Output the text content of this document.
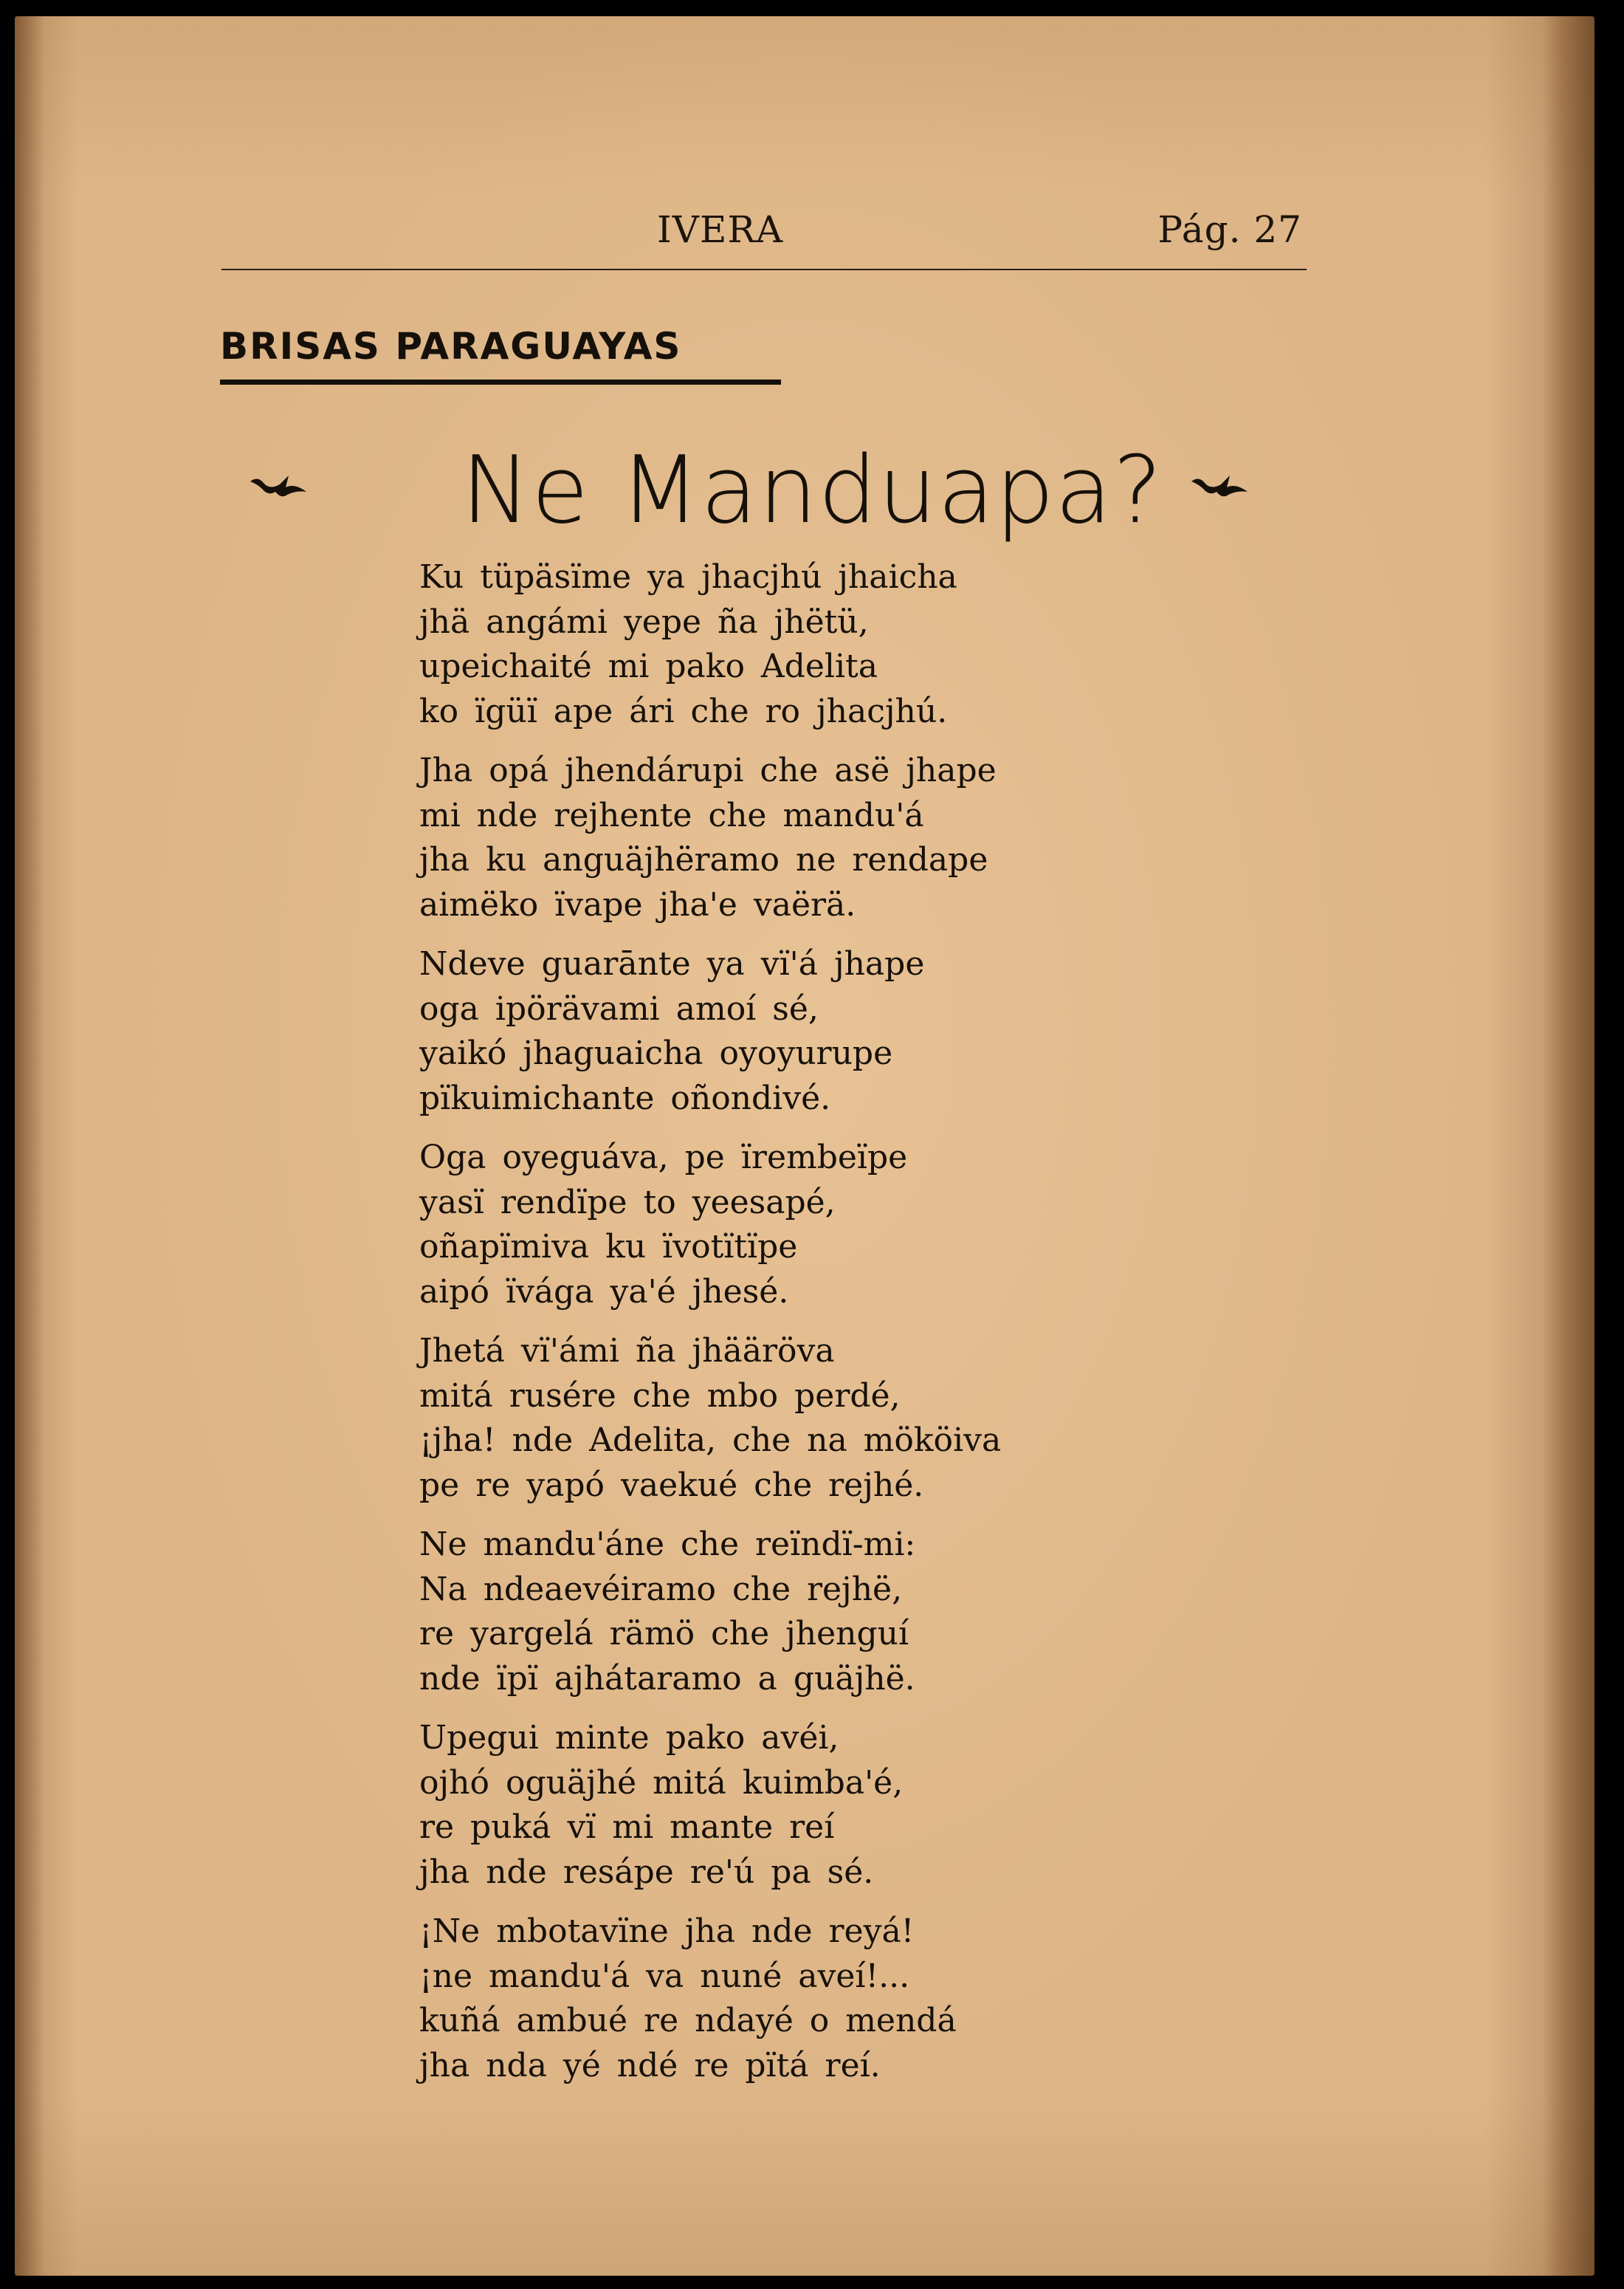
IVERA	Pág. 27
BRISAS PARAGUAYAS
Ne Manduapa?
Ku tüpäsïme ya jhacjhú jhaicha
jhä angámi yepe ña jhëtü,
upeichaité mi pako Adelita
ko ïgüï ape ári che ro jhacjhú.
Jha opá jhendárupi che asë jhape
mi nde rejhente che mandu'á
jha ku anguäjhëramo ne rendape
aimëko ïvape jha'e vaërä.
Ndeve guarānte ya vï'á jhape
oga ipörävami amoí sé,
yaikó jhaguaicha oyoyurupe
pïkuimichante oñondivé.
Oga oyeguáva, pe ïrembeïpe
yasï rendïpe to yeesapé,
oñapïmiva ku ïvotïtïpe
aipó ïvága ya'é jhesé.
Jhetá vï'ámi ña jhääröva
mitá rusére che mbo perdé,
¡jha! nde Adelita, che na mököiva
pe re yapó vaekué che rejhé.
Ne mandu'áne che reïndï-mi:
Na ndeaevéiramo che rejhë,
re yargelá rämö che jhenguí
nde ïpï ajhátaramo a guäjhë.
Upegui minte pako avéi,
ojhó oguäjhé mitá kuimba'é,
re puká vï mi mante reí
jha nde resápe re'ú pa sé.
¡Ne mbotavïne jha nde reyá!
¡ne mandu'á va nuné aveí!...
kuñá ambué re ndayé o mendá
jha nda yé ndé re pïtá reí.
